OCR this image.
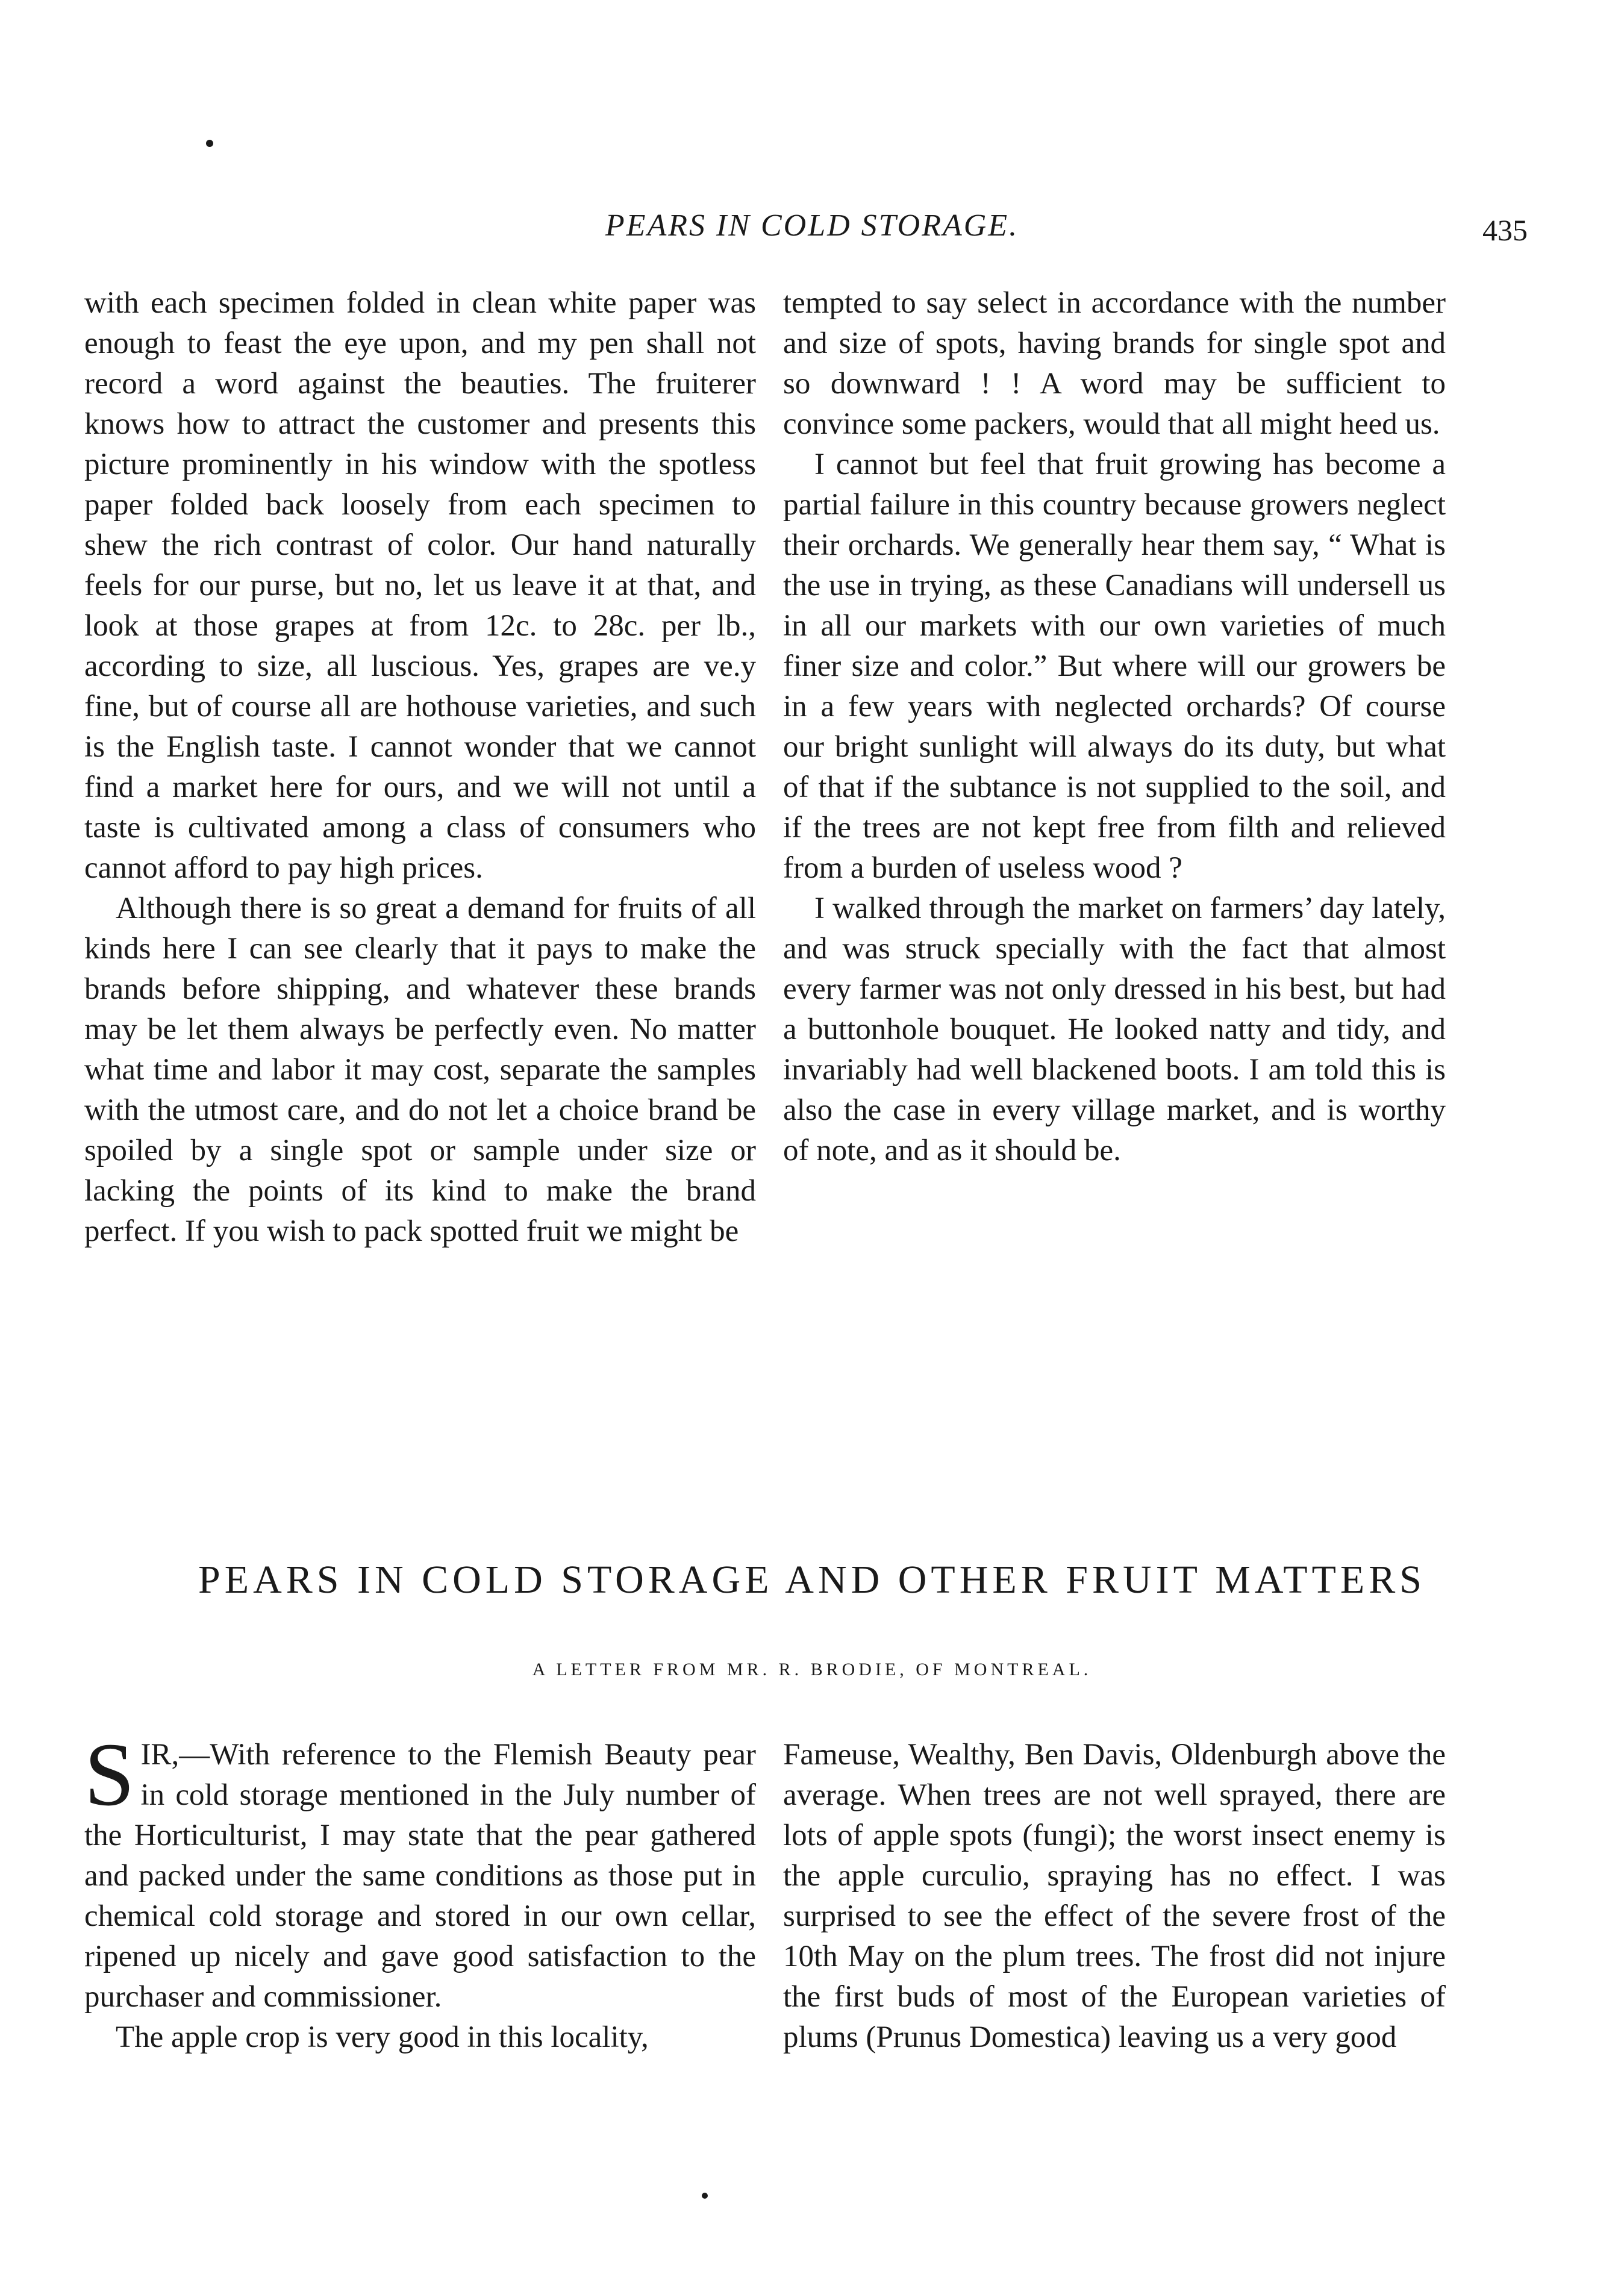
PEARS IN COLD STORAGE.	435

with each specimen folded in clean white paper was enough to feast the eye upon, and my pen shall not record a word against the beauties. The fruiterer knows how to attract the customer and presents this picture prominently in his window with the spotless paper folded back loosely from each specimen to shew the rich contrast of color. Our hand naturally feels for our purse, but no, let us leave it at that, and look at those grapes at from 12c. to 28c. per lb., according to size, all luscious. Yes, grapes are ve.y fine, but of course all are hothouse varieties, and such is the English taste. I cannot wonder that we cannot find a market here for ours, and we will not until a taste is cultivated among a class of consumers who cannot afford to pay high prices.

Although there is so great a demand for fruits of all kinds here I can see clearly that it pays to make the brands before shipping, and whatever these brands may be let them always be perfectly even. No matter what time and labor it may cost, separate the samples with the utmost care, and do not let a choice brand be spoiled by a single spot or sample under size or lacking the points of its kind to make the brand perfect. If you wish to pack spotted fruit we might be

tempted to say select in accordance with the number and size of spots, having brands for single spot and so downward ! ! A word may be sufficient to convince some packers, would that all might heed us.

I cannot but feel that fruit growing has become a partial failure in this country because growers neglect their orchards. We generally hear them say, “ What is the use in trying, as these Canadians will undersell us in all our markets with our own varieties of much finer size and color.” But where will our growers be in a few years with neglected orchards? Of course our bright sunlight will always do its duty, but what of that if the subtance is not supplied to the soil, and if the trees are not kept free from filth and relieved from a burden of useless wood ?

I walked through the market on farmers’ day lately, and was struck specially with the fact that almost every farmer was not only dressed in his best, but had a buttonhole bouquet. He looked natty and tidy, and invariably had well blackened boots. I am told this is also the case in every village market, and is worthy of note, and as it should be.

PEARS IN COLD STORAGE AND OTHER FRUIT MATTERS
A LETTER FROM MR. R. BRODIE, OF MONTREAL.

SIR,—With reference to the Flemish Beauty pear in cold storage mentioned in the July number of the Horticulturist, I may state that the pear gathered and packed under the same conditions as those put in chemical cold storage and stored in our own cellar, ripened up nicely and gave good satisfaction to the purchaser and commissioner.

The apple crop is very good in this locality,

Fameuse, Wealthy, Ben Davis, Oldenburgh above the average. When trees are not well sprayed, there are lots of apple spots (fungi); the worst insect enemy is the apple curculio, spraying has no effect. I was surprised to see the effect of the severe frost of the 10th May on the plum trees. The frost did not injure the first buds of most of the European varieties of plums (Prunus Domestica) leaving us a very good
